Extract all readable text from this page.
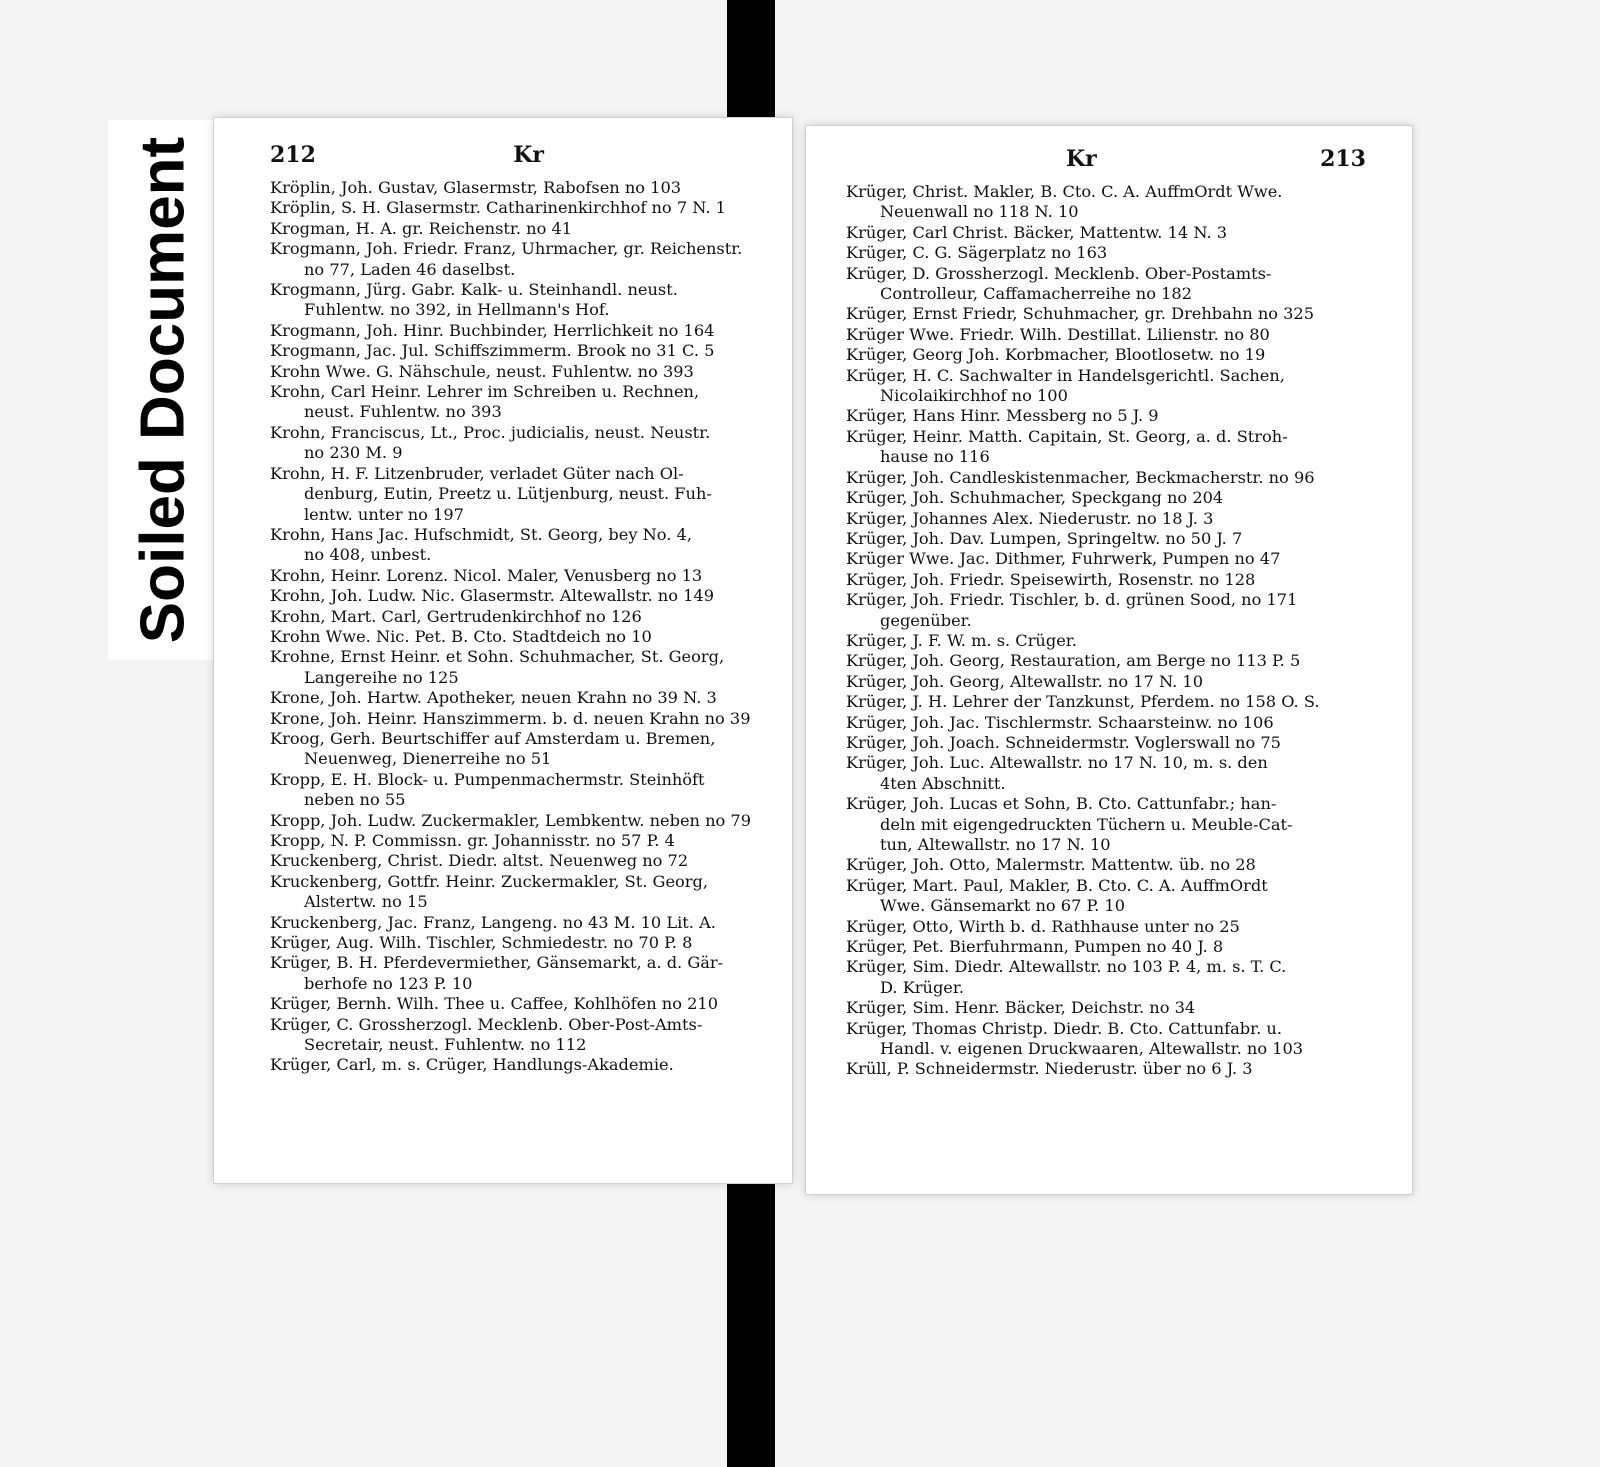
Soiled Document	212	Kr
Kröplin, Joh. Gustav, Glasermstr, Rabofsen no 103
Kröplin, S. H. Glasermstr. Catharinenkirchhof no 7 N. 1
Krogman, H. A. gr. Reichenstr. no 41
Krogmann, Joh. Friedr. Franz, Uhrmacher, gr. Reichenstr.
no 77, Laden 46 daselbst.
Krogmann, Jürg. Gabr. Kalk- u. Steinhandl. neust.
Fuhlentw. no 392, in Hellmann's Hof.
Krogmann, Joh. Hinr. Buchbinder, Herrlichkeit no 164
Krogmann, Jac. Jul. Schiffszimmerm. Brook no 31 C. 5
Krohn Wwe. G. Nähschule, neust. Fuhlentw. no 393
Krohn, Carl Heinr. Lehrer im Schreiben u. Rechnen,
neust. Fuhlentw. no 393
Krohn, Franciscus, Lt., Proc. judicialis, neust. Neustr.
no 230 M. 9
Krohn, H. F. Litzenbruder, verladet Güter nach Ol-
denburg, Eutin, Preetz u. Lütjenburg, neust. Fuh-
lentw. unter no 197
Krohn, Hans Jac. Hufschmidt, St. Georg, bey No. 4,
no 408, unbest.
Krohn, Heinr. Lorenz. Nicol. Maler, Venusberg no 13
Krohn, Joh. Ludw. Nic. Glasermstr. Altewallstr. no 149
Krohn, Mart. Carl, Gertrudenkirchhof no 126
Krohn Wwe. Nic. Pet. B. Cto. Stadtdeich no 10
Krohne, Ernst Heinr. et Sohn. Schuhmacher, St. Georg,
Langereihe no 125
Krone, Joh. Hartw. Apotheker, neuen Krahn no 39 N. 3
Krone, Joh. Heinr. Hanszimmerm. b. d. neuen Krahn no 39
Kroog, Gerh. Beurtschiffer auf Amsterdam u. Bremen,
Neuenweg, Dienerreihe no 51
Kropp, E. H. Block- u. Pumpenmachermstr. Steinhöft
neben no 55
Kropp, Joh. Ludw. Zuckermakler, Lembkentw. neben no 79
Kropp, N. P. Commissn. gr. Johannisstr. no 57 P. 4
Kruckenberg, Christ. Diedr. altst. Neuenweg no 72
Kruckenberg, Gottfr. Heinr. Zuckermakler, St. Georg,
Alstertw. no 15
Kruckenberg, Jac. Franz, Langeng. no 43 M. 10 Lit. A.
Krüger, Aug. Wilh. Tischler, Schmiedestr. no 70 P. 8
Krüger, B. H. Pferdevermiether, Gänsemarkt, a. d. Gär-
berhofe no 123 P. 10
Krüger, Bernh. Wilh. Thee u. Caffee, Kohlhöfen no 210
Krüger, C. Grossherzogl. Mecklenb. Ober-Post-Amts-
Secretair, neust. Fuhlentw. no 112
Krüger, Carl, m. s. Crüger, Handlungs-Akademie.
Kr	213
Krüger, Christ. Makler, B. Cto. C. A. AuffmOrdt Wwe.
Neuenwall no 118 N. 10
Krüger, Carl Christ. Bäcker, Mattentw. 14 N. 3
Krüger, C. G. Sägerplatz no 163
Krüger, D. Grossherzogl. Mecklenb. Ober-Postamts-
Controlleur, Caffamacherreihe no 182
Krüger, Ernst Friedr, Schuhmacher, gr. Drehbahn no 325
Krüger Wwe. Friedr. Wilh. Destillat. Lilienstr. no 80
Krüger, Georg Joh. Korbmacher, Blootlosetw. no 19
Krüger, H. C. Sachwalter in Handelsgerichtl. Sachen,
Nicolaikirchhof no 100
Krüger, Hans Hinr. Messberg no 5 J. 9
Krüger, Heinr. Matth. Capitain, St. Georg, a. d. Stroh-
hause no 116
Krüger, Joh. Candleskistenmacher, Beckmacherstr. no 96
Krüger, Joh. Schuhmacher, Speckgang no 204
Krüger, Johannes Alex. Niederustr. no 18 J. 3
Krüger, Joh. Dav. Lumpen, Springeltw. no 50 J. 7
Krüger Wwe. Jac. Dithmer, Fuhrwerk, Pumpen no 47
Krüger, Joh. Friedr. Speisewirth, Rosenstr. no 128
Krüger, Joh. Friedr. Tischler, b. d. grünen Sood, no 171
gegenüber.
Krüger, J. F. W. m. s. Crüger.
Krüger, Joh. Georg, Restauration, am Berge no 113 P. 5
Krüger, Joh. Georg, Altewallstr. no 17 N. 10
Krüger, J. H. Lehrer der Tanzkunst, Pferdem. no 158 O. S.
Krüger, Joh. Jac. Tischlermstr. Schaarsteinw. no 106
Krüger, Joh. Joach. Schneidermstr. Voglerswall no 75
Krüger, Joh. Luc. Altewallstr. no 17 N. 10, m. s. den
4ten Abschnitt.
Krüger, Joh. Lucas et Sohn, B. Cto. Cattunfabr.; han-
deln mit eigengedruckten Tüchern u. Meuble-Cat-
tun, Altewallstr. no 17 N. 10
Krüger, Joh. Otto, Malermstr. Mattentw. üb. no 28
Krüger, Mart. Paul, Makler, B. Cto. C. A. AuffmOrdt
Wwe. Gänsemarkt no 67 P. 10
Krüger, Otto, Wirth b. d. Rathhause unter no 25
Krüger, Pet. Bierfuhrmann, Pumpen no 40 J. 8
Krüger, Sim. Diedr. Altewallstr. no 103 P. 4, m. s. T. C.
D. Krüger.
Krüger, Sim. Henr. Bäcker, Deichstr. no 34
Krüger, Thomas Christp. Diedr. B. Cto. Cattunfabr. u.
Handl. v. eigenen Druckwaaren, Altewallstr. no 103
Krüll, P. Schneidermstr. Niederustr. über no 6 J. 3
